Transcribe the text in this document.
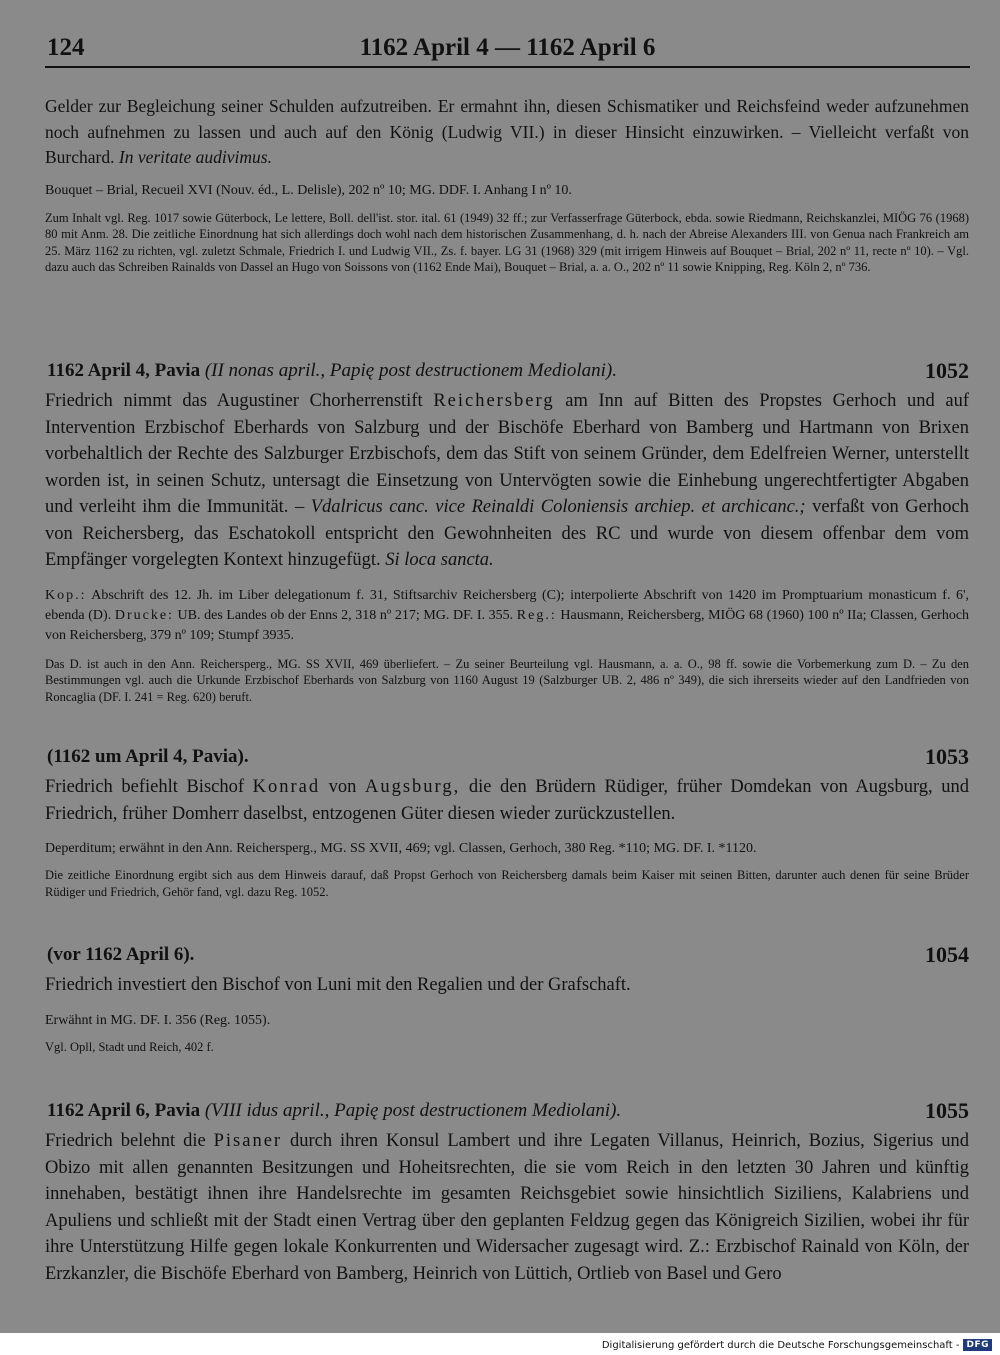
124	1162 April 4 — 1162 April 6

Gelder zur Begleichung seiner Schulden aufzutreiben. Er ermahnt ihn, diesen Schismatiker und Reichsfeind weder aufzunehmen noch aufnehmen zu lassen und auch auf den König (Ludwig VII.) in dieser Hinsicht einzuwirken. – Vielleicht verfaßt von Burchard. In veritate audivimus.

Bouquet – Brial, Recueil XVI (Nouv. éd., L. Delisle), 202 nº 10; MG. DDF. I. Anhang I nº 10.

Zum Inhalt vgl. Reg. 1017 sowie Güterbock, Le lettere, Boll. dell'ist. stor. ital. 61 (1949) 32 ff.; zur Verfasserfrage Güterbock, ebda. sowie Riedmann, Reichskanzlei, MIÖG 76 (1968) 80 mit Anm. 28. Die zeitliche Einordnung hat sich allerdings doch wohl nach dem historischen Zusammenhang, d. h. nach der Abreise Alexanders III. von Genua nach Frankreich am 25. März 1162 zu richten, vgl. zuletzt Schmale, Friedrich I. und Ludwig VII., Zs. f. bayer. LG 31 (1968) 329 (mit irrigem Hinweis auf Bouquet – Brial, 202 nº 11, recte nº 10). – Vgl. dazu auch das Schreiben Rainalds von Dassel an Hugo von Soissons von (1162 Ende Mai), Bouquet – Brial, a. a. O., 202 nº 11 sowie Knipping, Reg. Köln 2, nº 736.

1162 April 4, Pavia (II nonas april., Papię post destructionem Mediolani).	1052

Friedrich nimmt das Augustiner Chorherrenstift Reichersberg am Inn auf Bitten des Propstes Gerhoch und auf Intervention Erzbischof Eberhards von Salzburg und der Bischöfe Eberhard von Bamberg und Hartmann von Brixen vorbehaltlich der Rechte des Salzburger Erzbischofs, dem das Stift von seinem Gründer, dem Edelfreien Werner, unterstellt worden ist, in seinen Schutz, untersagt die Einsetzung von Untervögten sowie die Einhebung ungerechtfertigter Abgaben und verleiht ihm die Immunität. – Vdalricus canc. vice Reinaldi Coloniensis archiep. et archicanc.; verfaßt von Gerhoch von Reichersberg, das Eschatokoll entspricht den Gewohnheiten des RC und wurde von diesem offenbar dem vom Empfänger vorgelegten Kontext hinzugefügt. Si loca sancta.

Kop.: Abschrift des 12. Jh. im Liber delegationum f. 31, Stiftsarchiv Reichersberg (C); interpolierte Abschrift von 1420 im Promptuarium monasticum f. 6', ebenda (D). Drucke: UB. des Landes ob der Enns 2, 318 nº 217; MG. DF. I. 355. Reg.: Hausmann, Reichersberg, MIÖG 68 (1960) 100 nº IIa; Classen, Gerhoch von Reichersberg, 379 nº 109; Stumpf 3935.

Das D. ist auch in den Ann. Reichersperg., MG. SS XVII, 469 überliefert. – Zu seiner Beurteilung vgl. Hausmann, a. a. O., 98 ff. sowie die Vorbemerkung zum D. – Zu den Bestimmungen vgl. auch die Urkunde Erzbischof Eberhards von Salzburg von 1160 August 19 (Salzburger UB. 2, 486 nº 349), die sich ihrerseits wieder auf den Landfrieden von Roncaglia (DF. I. 241 = Reg. 620) beruft.

(1162 um April 4, Pavia).	1053

Friedrich befiehlt Bischof Konrad von Augsburg, die den Brüdern Rüdiger, früher Domdekan von Augsburg, und Friedrich, früher Domherr daselbst, entzogenen Güter diesen wieder zurückzustellen.

Deperditum; erwähnt in den Ann. Reichersperg., MG. SS XVII, 469; vgl. Classen, Gerhoch, 380 Reg. *110; MG. DF. I. *1120.

Die zeitliche Einordnung ergibt sich aus dem Hinweis darauf, daß Propst Gerhoch von Reichersberg damals beim Kaiser mit seinen Bitten, darunter auch denen für seine Brüder Rüdiger und Friedrich, Gehör fand, vgl. dazu Reg. 1052.

(vor 1162 April 6).	1054

Friedrich investiert den Bischof von Luni mit den Regalien und der Grafschaft.

Erwähnt in MG. DF. I. 356 (Reg. 1055).

Vgl. Opll, Stadt und Reich, 402 f.

1162 April 6, Pavia (VIII idus april., Papię post destructionem Mediolani).	1055

Friedrich belehnt die Pisaner durch ihren Konsul Lambert und ihre Legaten Villanus, Heinrich, Bozius, Sigerius und Obizo mit allen genannten Besitzungen und Hoheitsrechten, die sie vom Reich in den letzten 30 Jahren und künftig innehaben, bestätigt ihnen ihre Handelsrechte im gesamten Reichsgebiet sowie hinsichtlich Siziliens, Kalabriens und Apuliens und schließt mit der Stadt einen Vertrag über den geplanten Feldzug gegen das Königreich Sizilien, wobei ihr für ihre Unterstützung Hilfe gegen lokale Konkurrenten und Widersacher zugesagt wird. Z.: Erzbischof Rainald von Köln, der Erzkanzler, die Bischöfe Eberhard von Bamberg, Heinrich von Lüttich, Ortlieb von Basel und Gero

Digitalisierung gefördert durch die Deutsche Forschungsgemeinschaft - DFG
